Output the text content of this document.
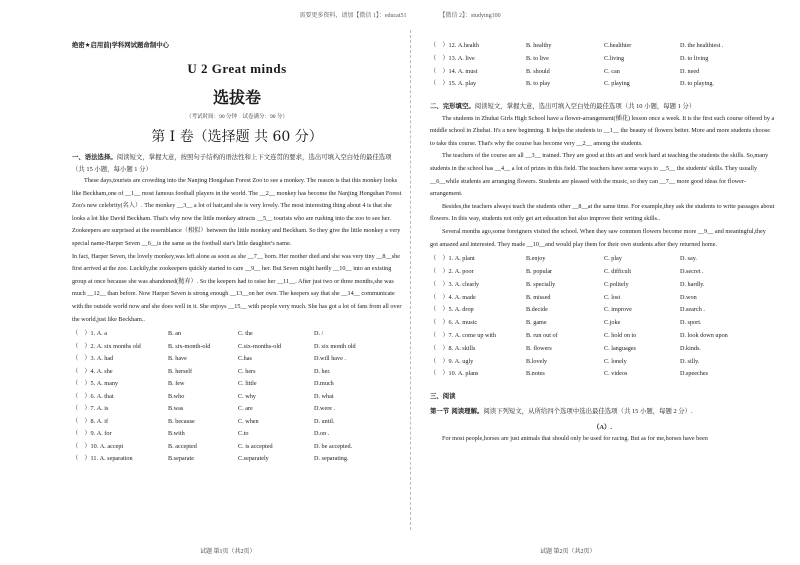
需要更多资料，请加【微信 1】：educat51　　　　　　【微信 2】：studying100
绝密★启用前|学科网试题命制中心
U 2 Great minds
选拔卷
（考试时间：90 分钟　试卷满分：90 分）
第 I 卷（选择题 共 60 分）
一、语法选择。阅读短文，掌握大意，按照句子结构的语法性和上下文连贯的要求，选出可填入空白处的最佳选项（共 15 小题，每小题 1 分）

These days,tourists are crowding into the Nanjing Hongshan Forest Zoo to see a monkey. The reason is that this monkey looks like Beckham,one of __1__ most famous football players in the world. The __2__ monkey has become the Nanjing Hongshan Forest Zoo's new celebrity(名人）. The monkey __3__ a lot of hair,and she is very lovely. The most interesting thing about 4 is that she looks a lot like David Beckham. That's why now the little monkey attracts __5__ tourists who are rushing into the zoo to see her. Zookeepers are surprised at the resemblance（相似）between the little monkey and Beckham. So they give the little monkey a very special name-Harper Seven __6__is the same as the football star's little daughter's name.

In fact, Harper Seven, the lovely monkey,was left alone as soon as she __7__ born. Her mother died and she was very tiny __8__she first arrived at the zoo. Luckily,the zookeepers quickly started to care __9__ her. But Seven might hardly __10__ into an existing group at once because she was abandoned(抛弃）. So the keepers had to raise her __11__. After just two or three months,she was much __12__ than before. Now Harper Seven is strong enough __13__on her own. The keepers say that she __14__ communicate with the outside world now and she does well in it. She enjoys __15__ with people very much. She has got a lot of fans from all over the world,just like Beckham..

（　）1. A. a	B. an	C. the	D. /
（　）2. A. six months old	B. six-month-old	C.six-months-old	D. six month old
（　）3. A. had	B. have	C.has	D.will have .
（　）4. A. she	B. herself	C. hers	D. her.
（　）5. A. many	B. few	C. little	D.much
（　）6. A. that	B.who	C. why	D. what
（　）7. A. is	B.was	C. are	D.were .
（　）8. A. if	B. because	C. when	D. until.
（　）9. A. for	B.with	C.to	D.on .
（　）10. A. accept	B. accepted	C. is accepted	D. be accepted.
（　）11. A. separation	B.separate	C.separately	D. separating.
试题 第1页（共2页）
（　）12. A.health	B. healthy	C.healthier	D. the healthiest .
（　）13. A. live	B. to live	C.living	D. to living
（　）14. A. must	B. should	C. can	D. need
（　）15. A. play	B. to play	C. playing	D. to playing.
二、完形填空。阅读短文，掌握大意，选出可填入空白处的最佳选项（共 10 小题，每题 1 分）

The students in Zhuhai Girls High School have a flower-arrangement(插花) lesson once a week. It is the first such course offered by a middle school in Zhuhai. It's a new beginning. It helps the students to __1__ the beauty of flowers better. More and more students choose to take this course. That's why the course has become very __2__ among the students.

The teachers of the course are all __3__ trained. They are good at this art and work hard at teaching the students the skills. So,many students in the school has __4__ a lot of prizes in this field. The teachers have some ways to __5__ the students' skills. They usually __6__while students are arranging flowers. Students are pleased with the music, so they can __7__ more good ideas for flower-arrangement.

Besides,the teachers always teach the students other __8__at the same time. For example,they ask the students to write passages about flowers. In this way, students not only get art education but also improve their writing skills..

Several months ago,some foreigners visited the school. When they saw common flowers become more __9__ and meaningful,they got amazed and interested. They made __10__and would play them for their own students after they returned home.

（　）1. A. plant	B.enjoy	C. play	D. say.
（　）2. A. poor	B. popular	C. difficult	D.secret .
（　）3. A. clearly	B. specially	C.politely	D. hardly.
（　）4. A. made	B. missed	C. lost	D.won
（　）5. A. drop	B.decide	C. improve	D.search .
（　）6. A. music	B. game	C.joke	D. sport.
（　）7. A. come up with	B. run out of	C. hold on to	D. look down upon
（　）8. A. skills	B. flowers	C. languages	D.kinds.
（　）9. A. ugly	B.lovely	C. lonely	D. silly.
（　）10. A. plans	B.notes	C. videos	D.speeches
三、阅读
第一节 阅读理解。阅读下列短文，从所给四个选项中选出最佳选项（共 15 小题，每题 2 分）.
（A）.

For most people,horses are just animals that should only be used for racing. But as for me,horses have been

试题 第2页（共2页）
